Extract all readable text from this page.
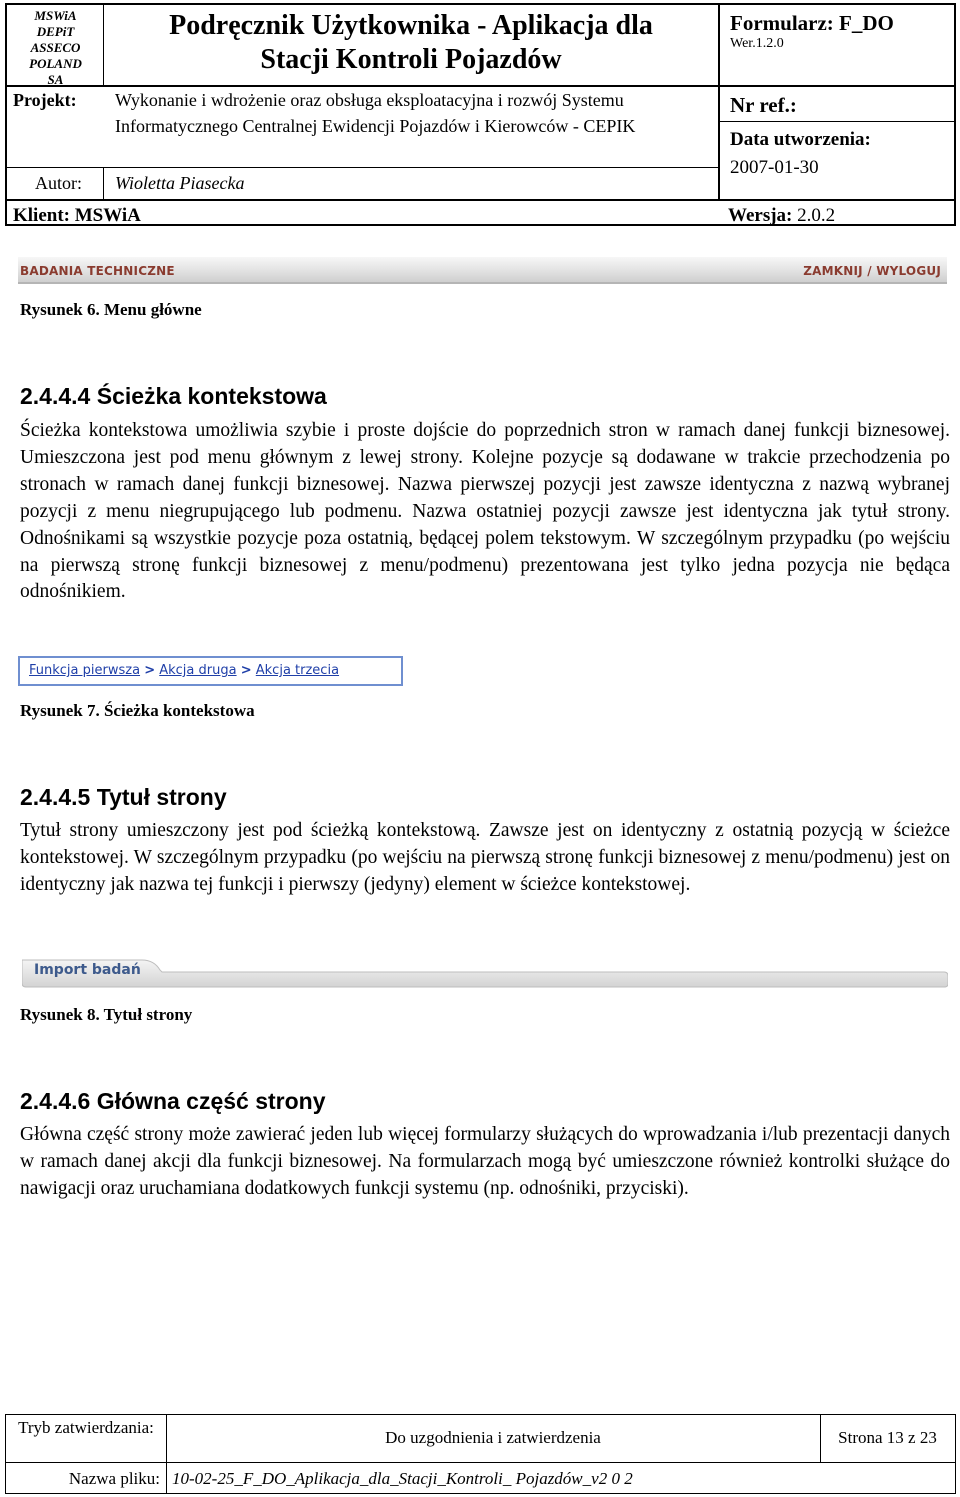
MSWiA
DEPiT
ASSECO
POLAND
SA
Podręcznik Użytkownika - Aplikacja dla
Stacji Kontroli Pojazdów
Formularz: F_DO
Wer.1.2.0
Projekt: Wykonanie i wdrożenie oraz obsługa eksploatacyjna i rozwój Systemu Informatycznego Centralnej Ewidencji Pojazdów i Kierowców - CEPIK
Nr ref.:
Data utworzenia:
2007-01-30
Autor: Wioletta Piasecka
Klient: MSWiA	Wersja: 2.0.2
BADANIA TECHNICZNE	ZAMKNIJ / WYLOGUJ
Rysunek 6. Menu główne
2.4.4.4 Ścieżka kontekstowa
Ścieżka kontekstowa umożliwia szybie i proste dojście do poprzednich stron w ramach danej funkcji biznesowej. Umieszczona jest pod menu głównym z lewej strony. Kolejne pozycje są dodawane w trakcie przechodzenia po stronach w ramach danej funkcji biznesowej. Nazwa pierwszej pozycji jest zawsze identyczna z nazwą wybranej pozycji z menu niegrupującego lub podmenu. Nazwa ostatniej pozycji zawsze jest identyczna jak tytuł strony. Odnośnikami są wszystkie pozycje poza ostatnią, będącej polem tekstowym. W szczególnym przypadku (po wejściu na pierwszą stronę funkcji biznesowej z menu/podmenu) prezentowana jest tylko jedna pozycja nie będąca odnośnikiem.
Funkcja pierwsza > Akcja druga > Akcja trzecia
Rysunek 7. Ścieżka kontekstowa
2.4.4.5 Tytuł strony
Tytuł strony umieszczony jest pod ścieżką kontekstową. Zawsze jest on identyczny z ostatnią pozycją w ścieżce kontekstowej. W szczególnym przypadku (po wejściu na pierwszą stronę funkcji biznesowej z menu/podmenu) jest on identyczny jak nazwa tej funkcji i pierwszy (jedyny) element w ścieżce kontekstowej.
Import badań
Rysunek 8. Tytuł strony
2.4.4.6 Główna część strony
Główna część strony może zawierać jeden lub więcej formularzy służących do wprowadzania i/lub prezentacji danych w ramach danej akcji dla funkcji biznesowej. Na formularzach mogą być umieszczone również kontrolki służące do nawigacji oraz uruchamiana dodatkowych funkcji systemu (np. odnośniki, przyciski).
Tryb zatwierdzania:
Do uzgodnienia i zatwierdzenia	Strona 13 z 23
Nazwa pliku: 10-02-25_F_DO_Aplikacja_dla_Stacji_Kontroli_ Pojazdów_v2 0 2
